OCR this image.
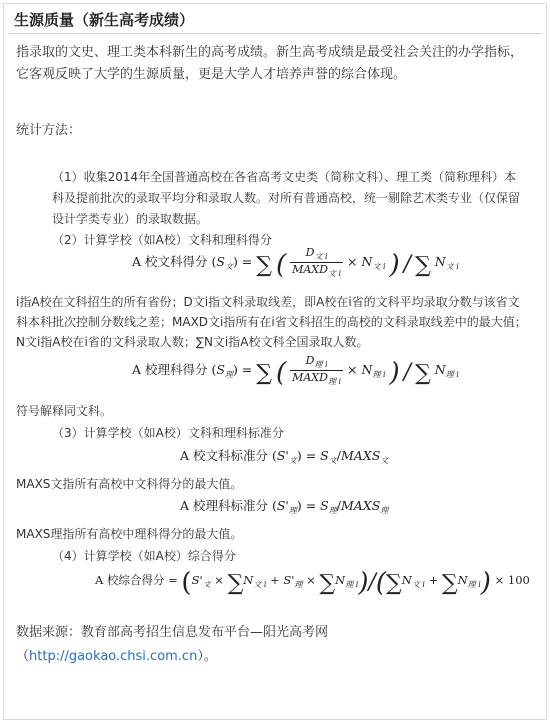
生源质量（新生高考成绩）
指录取的文史、理工类本科新生的高考成绩。新生高考成绩是最受社会关注的办学指标，它客观反映了大学的生源质量，更是大学人才培养声誉的综合体现。
统计方法：
（1）收集2014年全国普通高校在各省高考文史类（简称文科）、理工类（简称理科）本科及提前批次的录取平均分和录取人数。对所有普通高校，统一剔除艺术类专业（仅保留设计学类专业）的录取数据。
（2）计算学校（如A校）文科和理科得分
A 校文科得分 $(S_文)$ = ∑ ( $\frac{D_{文 i}}{MAXD_{文 i}} \times N_{文 i}$ ) / ∑ $N_{文 i}$
i指A校在文科招生的所有省份；D文i指文科录取线差，即A校在i省的文科平均录取分数与该省文科本科批次控制分数线之差；MAXD文i指所有在i省文科招生的高校的文科录取线差中的最大值；N文i指A校在i省的文科录取人数；∑N文i指A校文科全国录取人数。
A 校理科得分 $(S_理)$ = ∑ ( $\frac{D_{理 i}}{MAXD_{理 i}} \times N_{理 i}$ ) / ∑ $N_{理 i}$
符号解释同文科。
（3）计算学校（如A校）文科和理科标准分
A 校文科标准分 $(S'_文)$ = $S_文/MAXS_文$
MAXS文指所有高校中文科得分的最大值。
A 校理科标准分 $(S'_理)$ = $S_理/MAXS_理$
MAXS理指所有高校中理科得分的最大值。
（4）计算学校（如A校）综合得分
A 校综合得分 = $(S'_文 \times \sum N_{文 i} + S'_理 \times \sum N_{理 i})/(\sum N_{文 i} + \sum N_{理 i}) \times 100$
数据来源：教育部高考招生信息发布平台—阳光高考网
（http://gaokao.chsi.com.cn）。
